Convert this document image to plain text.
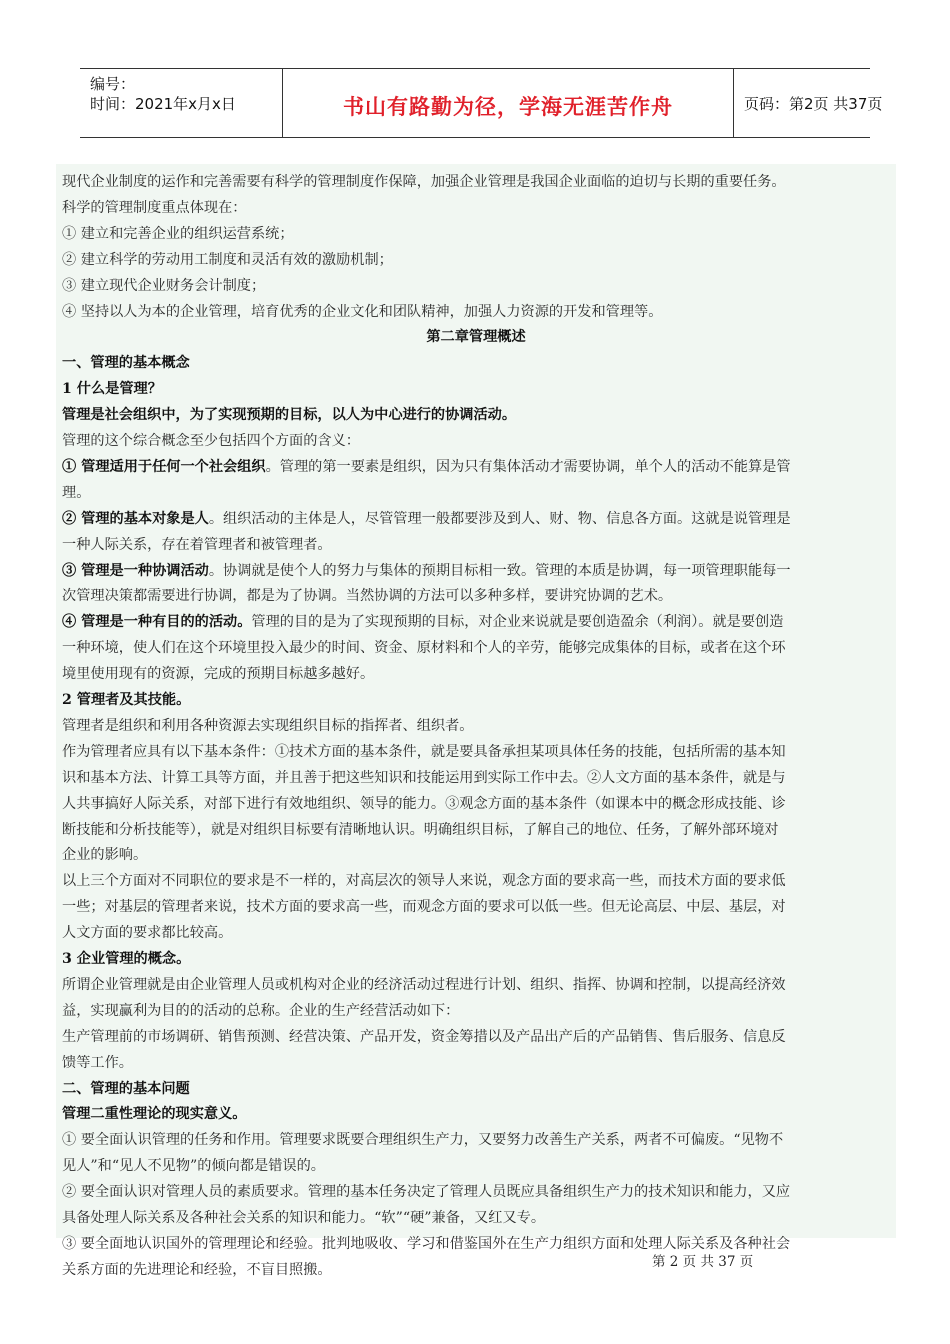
编号：
时间：2021年x月x日	书山有路勤为径，学海无涯苦作舟	页码：第2页 共37页
现代企业制度的运作和完善需要有科学的管理制度作保障，加强企业管理是我国企业面临的迫切与长期的重要任务。
科学的管理制度重点体现在：
① 建立和完善企业的组织运营系统；
② 建立科学的劳动用工制度和灵活有效的激励机制；
③ 建立现代企业财务会计制度；
④ 坚持以人为本的企业管理，培育优秀的企业文化和团队精神，加强人力资源的开发和管理等。
第二章管理概述
一、管理的基本概念
1 什么是管理？
管理是社会组织中，为了实现预期的目标，以人为中心进行的协调活动。
管理的这个综合概念至少包括四个方面的含义：
① 管理适用于任何一个社会组织。管理的第一要素是组织，因为只有集体活动才需要协调，单个人的活动不能算是管
理。
② 管理的基本对象是人。组织活动的主体是人，尽管管理一般都要涉及到人、财、物、信息各方面。这就是说管理是
一种人际关系，存在着管理者和被管理者。
③ 管理是一种协调活动。协调就是使个人的努力与集体的预期目标相一致。管理的本质是协调，每一项管理职能每一
次管理决策都需要进行协调，都是为了协调。当然协调的方法可以多种多样，要讲究协调的艺术。
④ 管理是一种有目的的活动。管理的目的是为了实现预期的目标，对企业来说就是要创造盈余（利润）。就是要创造
一种环境，使人们在这个环境里投入最少的时间、资金、原材料和个人的辛劳，能够完成集体的目标，或者在这个环
境里使用现有的资源，完成的预期目标越多越好。
2 管理者及其技能。
管理者是组织和利用各种资源去实现组织目标的指挥者、组织者。
作为管理者应具有以下基本条件：①技术方面的基本条件，就是要具备承担某项具体任务的技能，包括所需的基本知
识和基本方法、计算工具等方面，并且善于把这些知识和技能运用到实际工作中去。②人文方面的基本条件，就是与
人共事搞好人际关系，对部下进行有效地组织、领导的能力。③观念方面的基本条件（如课本中的概念形成技能、诊
断技能和分析技能等），就是对组织目标要有清晰地认识。明确组织目标，了解自己的地位、任务，了解外部环境对
企业的影响。
以上三个方面对不同职位的要求是不一样的，对高层次的领导人来说，观念方面的要求高一些，而技术方面的要求低
一些；对基层的管理者来说，技术方面的要求高一些，而观念方面的要求可以低一些。但无论高层、中层、基层，对
人文方面的要求都比较高。
3 企业管理的概念。
所谓企业管理就是由企业管理人员或机构对企业的经济活动过程进行计划、组织、指挥、协调和控制，以提高经济效
益，实现赢利为目的的活动的总称。企业的生产经营活动如下：
生产管理前的市场调研、销售预测、经营决策、产品开发，资金筹措以及产品出产后的产品销售、售后服务、信息反
馈等工作。
二、管理的基本问题
管理二重性理论的现实意义。
① 要全面认识管理的任务和作用。管理要求既要合理组织生产力，又要努力改善生产关系，两者不可偏废。“见物不
见人”和“见人不见物”的倾向都是错误的。
② 要全面认识对管理人员的素质要求。管理的基本任务决定了管理人员既应具备组织生产力的技术知识和能力，又应
具备处理人际关系及各种社会关系的知识和能力。“软”“硬”兼备，又红又专。
③ 要全面地认识国外的管理理论和经验。批判地吸收、学习和借鉴国外在生产力组织方面和处理人际关系及各种社会
关系方面的先进理论和经验，不盲目照搬。	第 2 页 共 37 页
